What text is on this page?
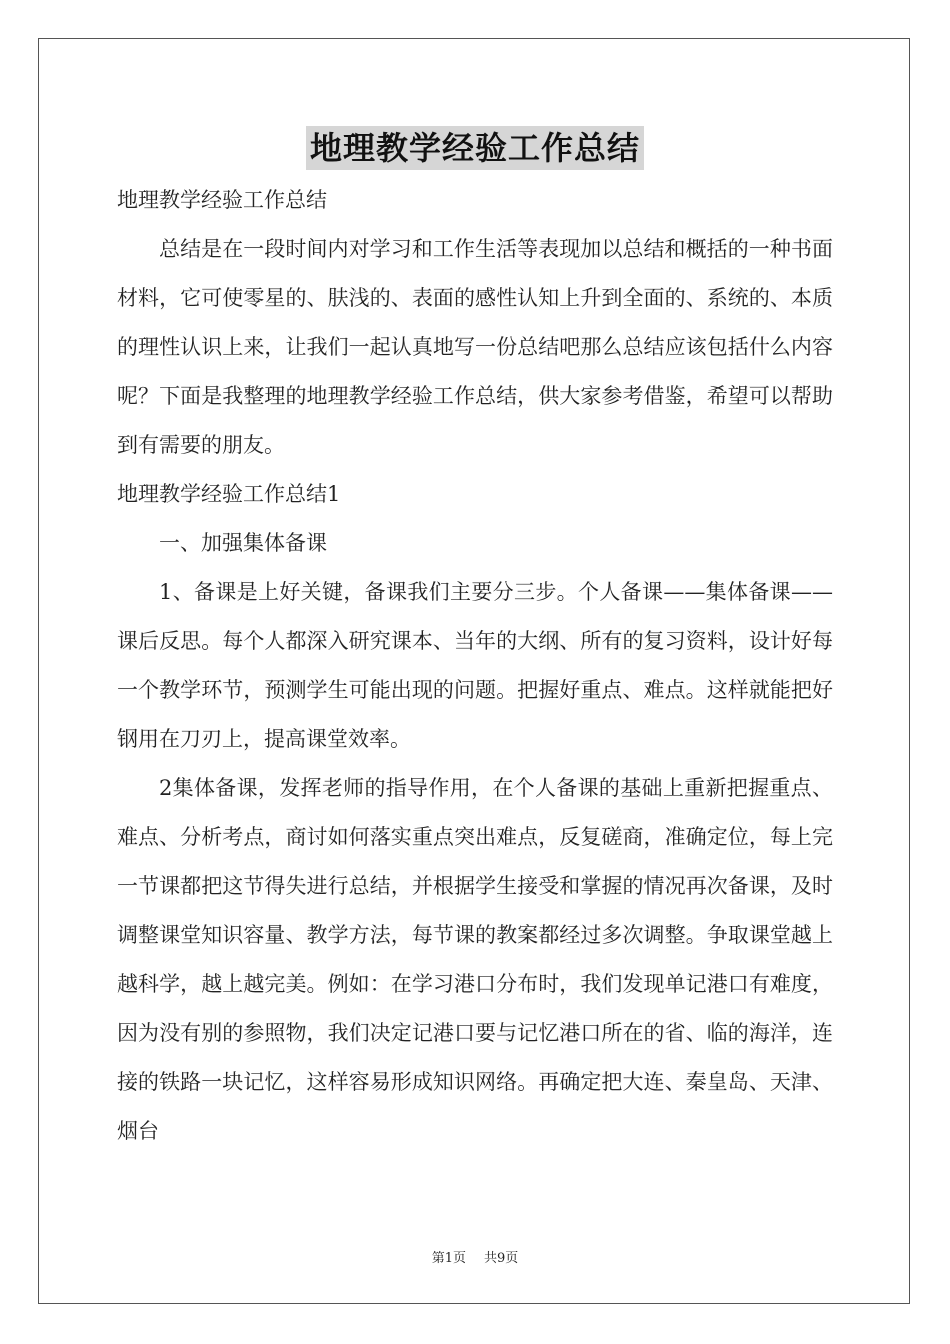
地理教学经验工作总结

地理教学经验工作总结

总结是在一段时间内对学习和工作生活等表现加以总结和概括的一种书面材料，它可使零星的、肤浅的、表面的感性认知上升到全面的、系统的、本质的理性认识上来，让我们一起认真地写一份总结吧那么总结应该包括什么内容呢？下面是我整理的地理教学经验工作总结，供大家参考借鉴，希望可以帮助到有需要的朋友。

地理教学经验工作总结1

一、加强集体备课

1、备课是上好关键，备课我们主要分三步。个人备课——集体备课——课后反思。每个人都深入研究课本、当年的大纲、所有的复习资料，设计好每一个教学环节，预测学生可能出现的问题。把握好重点、难点。这样就能把好钢用在刀刃上，提高课堂效率。

2集体备课，发挥老师的指导作用，在个人备课的基础上重新把握重点、难点、分析考点，商讨如何落实重点突出难点，反复磋商，准确定位，每上完一节课都把这节得失进行总结，并根据学生接受和掌握的情况再次备课，及时调整课堂知识容量、教学方法，每节课的教案都经过多次调整。争取课堂越上越科学，越上越完美。例如：在学习港口分布时，我们发现单记港口有难度，因为没有别的参照物，我们决定记港口要与记忆港口所在的省、临的海洋，连接的铁路一块记忆，这样容易形成知识网络。再确定把大连、秦皇岛、天津、烟台

第1页 共9页
